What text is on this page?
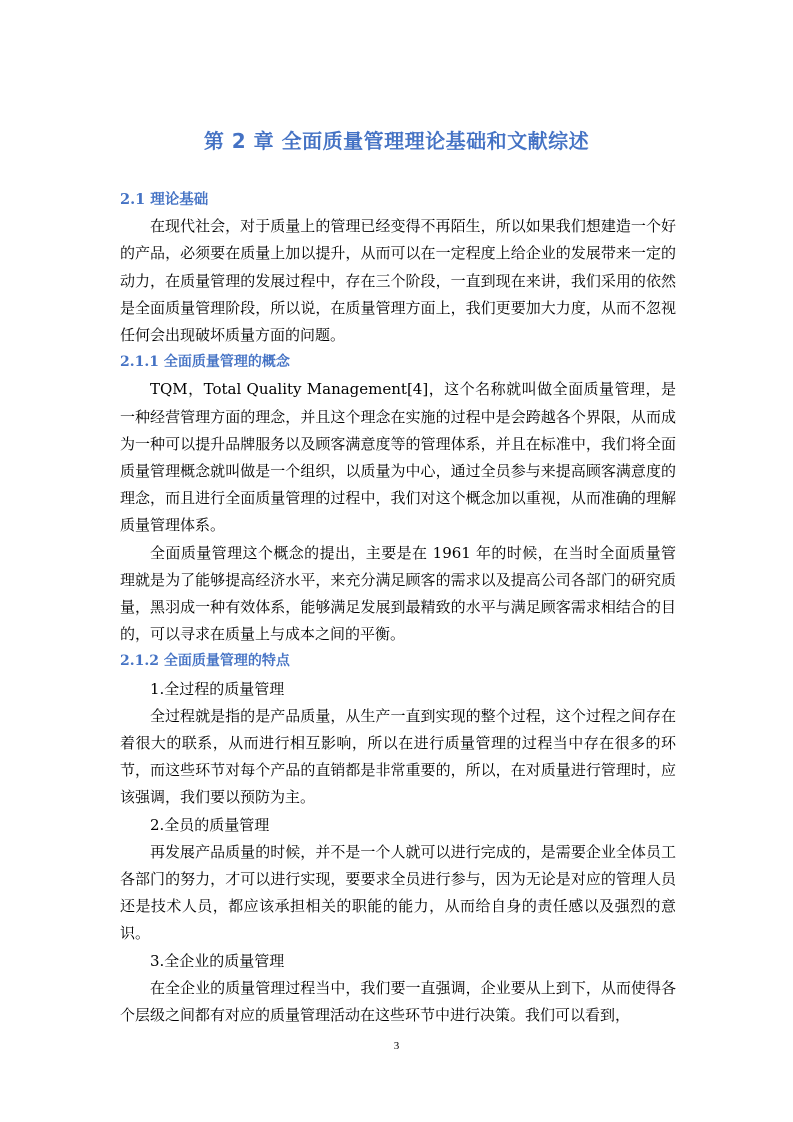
第 2 章 全面质量管理理论基础和文献综述
2.1 理论基础

在现代社会，对于质量上的管理已经变得不再陌生，所以如果我们想建造一个好的产品，必须要在质量上加以提升，从而可以在一定程度上给企业的发展带来一定的动力，在质量管理的发展过程中，存在三个阶段，一直到现在来讲，我们采用的依然是全面质量管理阶段，所以说，在质量管理方面上，我们更要加大力度，从而不忽视任何会出现破坏质量方面的问题。

2.1.1 全面质量管理的概念

TQM，Total Quality Management[4]，这个名称就叫做全面质量管理，是一种经营管理方面的理念，并且这个理念在实施的过程中是会跨越各个界限，从而成为一种可以提升品牌服务以及顾客满意度等的管理体系，并且在标准中，我们将全面质量管理概念就叫做是一个组织，以质量为中心，通过全员参与来提高顾客满意度的理念，而且进行全面质量管理的过程中，我们对这个概念加以重视，从而准确的理解质量管理体系。

全面质量管理这个概念的提出，主要是在 1961 年的时候，在当时全面质量管理就是为了能够提高经济水平，来充分满足顾客的需求以及提高公司各部门的研究质量，黑羽成一种有效体系，能够满足发展到最精致的水平与满足顾客需求相结合的目的，可以寻求在质量上与成本之间的平衡。

2.1.2 全面质量管理的特点

1.全过程的质量管理

全过程就是指的是产品质量，从生产一直到实现的整个过程，这个过程之间存在着很大的联系，从而进行相互影响，所以在进行质量管理的过程当中存在很多的环节，而这些环节对每个产品的直销都是非常重要的，所以，在对质量进行管理时，应该强调，我们要以预防为主。

2.全员的质量管理

再发展产品质量的时候，并不是一个人就可以进行完成的，是需要企业全体员工各部门的努力，才可以进行实现，要要求全员进行参与，因为无论是对应的管理人员还是技术人员，都应该承担相关的职能的能力，从而给自身的责任感以及强烈的意识。

3.全企业的质量管理

在全企业的质量管理过程当中，我们要一直强调，企业要从上到下，从而使得各个层级之间都有对应的质量管理活动在这些环节中进行决策。我们可以看到，

3
